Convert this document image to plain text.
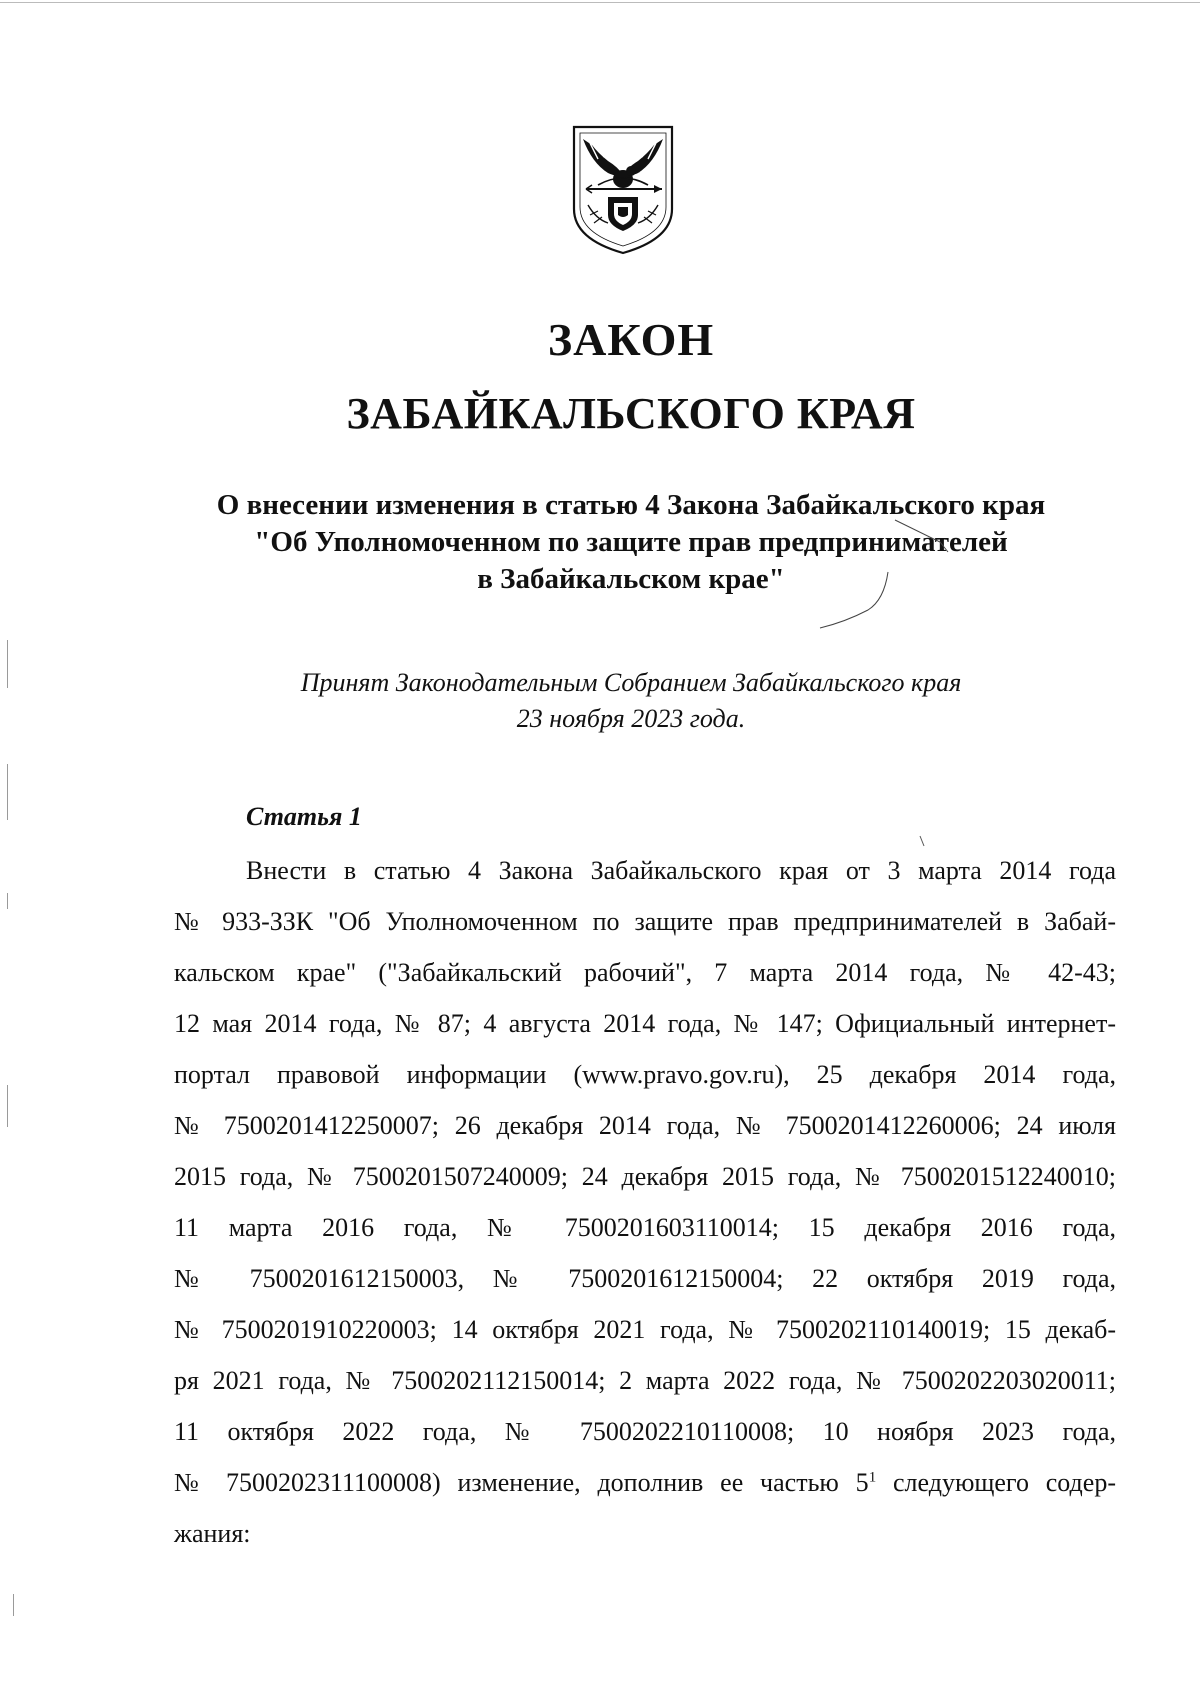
ЗАКОН
ЗАБАЙКАЛЬСКОГО КРАЯ
О внесении изменения в статью 4 Закона Забайкальского края
"Об Уполномоченном по защите прав предпринимателей
в Забайкальском крае"
Принят Законодательным Собранием Забайкальского края
23 ноября 2023 года.
Статья 1
Внести в статью 4 Закона Забайкальского края от 3 марта 2014 года
№ 933-ЗЗК "Об Уполномоченном по защите прав предпринимателей в Забай-
кальском крае" ("Забайкальский рабочий", 7 марта 2014 года, № 42-43;
12 мая 2014 года, № 87; 4 августа 2014 года, № 147; Официальный интернет-
портал правовой информации (www.pravo.gov.ru), 25 декабря 2014 года,
№ 7500201412250007; 26 декабря 2014 года, № 7500201412260006; 24 июля
2015 года, № 7500201507240009; 24 декабря 2015 года, № 7500201512240010;
11 марта 2016 года, № 7500201603110014; 15 декабря 2016 года,
№ 7500201612150003, № 7500201612150004; 22 октября 2019 года,
№ 7500201910220003; 14 октября 2021 года, № 7500202110140019; 15 декаб-
ря 2021 года, № 7500202112150014; 2 марта 2022 года, № 7500202203020011;
11 октября 2022 года, № 7500202210110008; 10 ноября 2023 года,
№ 7500202311100008) изменение, дополнив ее частью $5^1$ следующего содер-
жания:
